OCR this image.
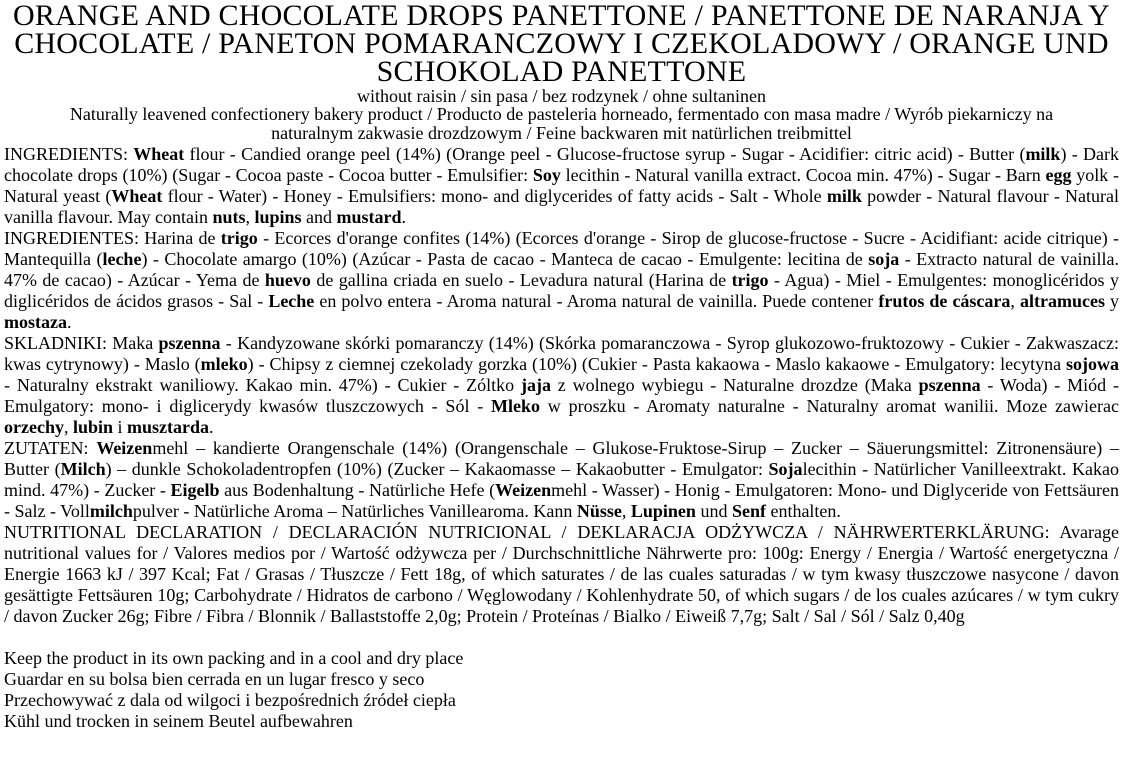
ORANGE AND CHOCOLATE DROPS PANETTONE / PANETTONE DE NARANJA Y CHOCOLATE / PANETON POMARANCZOWY I CZEKOLADOWY / ORANGE UND SCHOKOLAD PANETTONE

without raisin / sin pasa / bez rodzynek / ohne sultaninen

Naturally leavened confectionery bakery product / Producto de pasteleria horneado, fermentado con masa madre / Wyrób piekarniczy na naturalnym zakwasie drozdzowym / Feine backwaren mit natürlichen treibmittel

INGREDIENTS: Wheat flour - Candied orange peel (14%) (Orange peel - Glucose-fructose syrup - Sugar - Acidifier: citric acid) - Butter (milk) - Dark chocolate drops (10%) (Sugar - Cocoa paste - Cocoa butter - Emulsifier: Soy lecithin - Natural vanilla extract. Cocoa min. 47%) - Sugar - Barn egg yolk - Natural yeast (Wheat flour - Water) - Honey - Emulsifiers: mono- and diglycerides of fatty acids - Salt - Whole milk powder - Natural flavour - Natural vanilla flavour. May contain nuts, lupins and mustard.

INGREDIENTES: Harina de trigo - Ecorces d'orange confites (14%) (Ecorces d'orange - Sirop de glucose-fructose - Sucre - Acidifiant: acide citrique) - Mantequilla (leche) - Chocolate amargo (10%) (Azúcar - Pasta de cacao - Manteca de cacao - Emulgente: lecitina de soja - Extracto natural de vainilla. 47% de cacao) - Azúcar - Yema de huevo de gallina criada en suelo - Levadura natural (Harina de trigo - Agua) - Miel - Emulgentes: monoglicéridos y diglicéridos de ácidos grasos - Sal - Leche en polvo entera - Aroma natural - Aroma natural de vainilla. Puede contener frutos de cáscara, altramuces y mostaza.

SKLADNIKI: Maka pszenna - Kandyzowane skórki pomaranczy (14%) (Skórka pomaranczowa - Syrop glukozowo-fruktozowy - Cukier - Zakwaszacz: kwas cytrynowy) - Maslo (mleko) - Chipsy z ciemnej czekolady gorzka (10%) (Cukier - Pasta kakaowa - Maslo kakaowe - Emulgatory: lecytyna sojowa - Naturalny ekstrakt waniliowy. Kakao min. 47%) - Cukier - Zóltko jaja z wolnego wybiegu - Naturalne drozdze (Maka pszenna - Woda) - Miód - Emulgatory: mono- i diglicerydy kwasów tluszczowych - Sól - Mleko w proszku - Aromaty naturalne - Naturalny aromat wanilii. Moze zawierac orzechy, lubin i musztarda.

ZUTATEN: Weizenmehl – kandierte Orangenschale (14%) (Orangenschale – Glukose-Fruktose-Sirup – Zucker – Säuerungsmittel: Zitronensäure) – Butter (Milch) – dunkle Schokoladentropfen (10%) (Zucker – Kakaomasse – Kakaobutter - Emulgator: Sojalecithin - Natürlicher Vanilleextrakt. Kakao mind. 47%) - Zucker - Eigelb aus Bodenhaltung - Natürliche Hefe (Weizenmehl - Wasser) - Honig - Emulgatoren: Mono- und Diglyceride von Fettsäuren - Salz - Vollmilchpulver - Natürliche Aroma – Natürliches Vanillearoma. Kann Nüsse, Lupinen und Senf enthalten.

NUTRITIONAL DECLARATION / DECLARACIÓN NUTRICIONAL / DEKLARACJA ODŻYWCZA / NÄHRWERTERKLÄRUNG: Avarage nutritional values for / Valores medios por / Wartość odżywcza per / Durchschnittliche Nährwerte pro: 100g: Energy / Energia / Wartość energetyczna / Energie 1663 kJ / 397 Kcal; Fat / Grasas / Tłuszcze / Fett 18g, of which saturates / de las cuales saturadas / w tym kwasy tłuszczowe nasycone / davon gesättigte Fettsäuren 10g; Carbohydrate / Hidratos de carbono / Węglowodany / Kohlenhydrate 50, of which sugars / de los cuales azúcares / w tym cukry / davon Zucker 26g; Fibre / Fibra / Blonnik / Ballaststoffe 2,0g; Protein / Proteínas / Bialko / Eiweiß 7,7g; Salt / Sal / Sól / Salz 0,40g

Keep the product in its own packing and in a cool and dry place

Guardar en su bolsa bien cerrada en un lugar fresco y seco

Przechowywać z dala od wilgoci i bezpośrednich źródeł ciepła

Kühl und trocken in seinem Beutel aufbewahren
